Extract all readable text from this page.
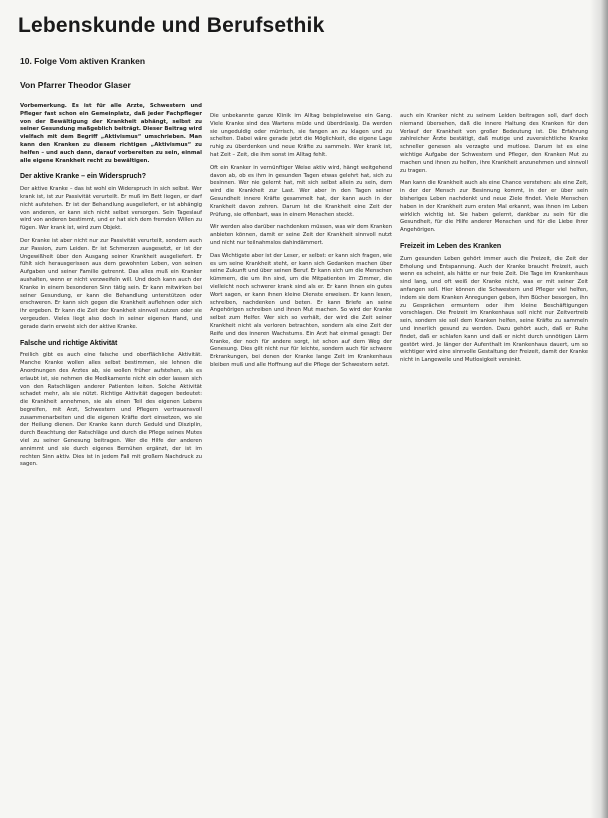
Lebenskunde und Berufsethik
10. Folge Vom aktiven Kranken
Von Pfarrer Theodor Glaser

Vorbemerkung. Es ist für alle Ärzte, Schwestern und Pfleger fast schon ein Gemeinplatz, daß jeder Fachpfleger von der Bewältigung der Krankheit abhängt, selbst zu seiner Gesundung maßgeblich beiträgt. Dieser Beitrag wird vielfach mit dem Begriff „Aktivismus“ umschrieben. Man kann den Kranken zu diesem richtigen „Aktivismus“ zu helfen – und auch dann, darauf vorbereiten zu sein, einmal alle eigene Krankheit recht zu bewältigen.

Der aktive Kranke – ein Widerspruch?

Der aktive Kranke – das ist wohl ein Widerspruch in sich selbst. Wer krank ist, ist zur Passivität verurteilt. Er muß im Bett liegen, er darf nicht aufstehen. Er ist der Behandlung ausgeliefert, er ist abhängig von anderen, er kann sich nicht selbst versorgen. Sein Tageslauf wird von anderen bestimmt, und er hat sich dem fremden Willen zu fügen. Wer krank ist, wird zum Objekt.

Der Kranke ist aber nicht nur zur Passivität verurteilt, sondern auch zur Passion, zum Leiden. Er ist Schmerzen ausgesetzt, er ist der Ungewißheit über den Ausgang seiner Krankheit ausgeliefert. Er fühlt sich herausgerissen aus dem gewohnten Leben, von seinen Aufgaben und seiner Familie getrennt. Das alles muß ein Kranker aushalten, wenn er nicht verzweifeln will. Und doch kann auch der Kranke in einem besonderen Sinn tätig sein. Er kann mitwirken bei seiner Gesundung, er kann die Behandlung unterstützen oder erschweren. Er kann sich gegen die Krankheit auflehnen oder sich ihr ergeben. Er kann die Zeit der Krankheit sinnvoll nutzen oder sie vergeuden. Vieles liegt also doch in seiner eigenen Hand, und gerade darin erweist sich der aktive Kranke.

Falsche und richtige Aktivität

Freilich gibt es auch eine falsche und oberflächliche Aktivität. Manche Kranke wollen alles selbst bestimmen, sie lehnen die Anordnungen des Arztes ab, sie wollen früher aufstehen, als es erlaubt ist, sie nehmen die Medikamente nicht ein oder lassen sich von den Ratschlägen anderer Patienten leiten. Solche Aktivität schadet mehr, als sie nützt. Richtige Aktivität dagegen bedeutet: die Krankheit annehmen, sie als einen Teil des eigenen Lebens begreifen, mit Arzt, Schwestern und Pflegern vertrauensvoll zusammenarbeiten und die eigenen Kräfte dort einsetzen, wo sie der Heilung dienen. Der Kranke kann durch Geduld und Disziplin, durch Beachtung der Ratschläge und durch die Pflege seines Mutes viel zu seiner Genesung beitragen. Wer die Hilfe der anderen annimmt und sie durch eigenes Bemühen ergänzt, der ist im rechten Sinn aktiv. Dies ist in jedem Fall mit großem Nachdruck zu sagen.

Die unbekannte ganze Klinik im Alltag beispielsweise ein Gang. Viele Kranke sind des Wartens müde und überdrüssig. Da werden sie ungeduldig oder mürrisch, sie fangen an zu klagen und zu schelten. Dabei wäre gerade jetzt die Möglichkeit, die eigene Lage ruhig zu überdenken und neue Kräfte zu sammeln. Wer krank ist, hat Zeit – Zeit, die ihm sonst im Alltag fehlt.

Oft ein Kranker in vernünftiger Weise aktiv wird, hängt weitgehend davon ab, ob es ihm in gesunden Tagen etwas gelehrt hat, sich zu besinnen. Wer nie gelernt hat, mit sich selbst allein zu sein, dem wird die Krankheit zur Last. Wer aber in den Tagen seiner Gesundheit innere Kräfte gesammelt hat, der kann auch in der Krankheit davon zehren. Darum ist die Krankheit eine Zeit der Prüfung, sie offenbart, was in einem Menschen steckt.

Wir werden also darüber nachdenken müssen, was wir dem Kranken anbieten können, damit er seine Zeit der Krankheit sinnvoll nutzt und nicht nur teilnahmslos dahindämmert.

Das Wichtigste aber ist der Leser, er selbst: er kann sich fragen, wie es um seine Krankheit steht, er kann sich Gedanken machen über seine Zukunft und über seinen Beruf. Er kann sich um die Menschen kümmern, die um ihn sind, um die Mitpatienten im Zimmer, die vielleicht noch schwerer krank sind als er. Er kann ihnen ein gutes Wort sagen, er kann ihnen kleine Dienste erweisen. Er kann lesen, schreiben, nachdenken und beten. Er kann Briefe an seine Angehörigen schreiben und ihnen Mut machen. So wird der Kranke selbst zum Helfer. Wer sich so verhält, der wird die Zeit seiner Krankheit nicht als verloren betrachten, sondern als eine Zeit der Reife und des inneren Wachstums. Ein Arzt hat einmal gesagt: Der Kranke, der noch für andere sorgt, ist schon auf dem Weg der Genesung. Dies gilt nicht nur für leichte, sondern auch für schwere Erkrankungen, bei denen der Kranke lange Zeit im Krankenhaus bleiben muß und alle Hoffnung auf die Pflege der Schwestern setzt.

auch ein Kranker nicht zu seinem Leiden beitragen soll, darf doch niemand übersehen, daß die innere Haltung des Kranken für den Verlauf der Krankheit von großer Bedeutung ist. Die Erfahrung zahlreicher Ärzte bestätigt, daß mutige und zuversichtliche Kranke schneller genesen als verzagte und mutlose. Darum ist es eine wichtige Aufgabe der Schwestern und Pfleger, den Kranken Mut zu machen und ihnen zu helfen, ihre Krankheit anzunehmen und sinnvoll zu tragen.

Man kann die Krankheit auch als eine Chance verstehen: als eine Zeit, in der der Mensch zur Besinnung kommt, in der er über sein bisheriges Leben nachdenkt und neue Ziele findet. Viele Menschen haben in der Krankheit zum ersten Mal erkannt, was ihnen im Leben wirklich wichtig ist. Sie haben gelernt, dankbar zu sein für die Gesundheit, für die Hilfe anderer Menschen und für die Liebe ihrer Angehörigen.

Freizeit im Leben des Kranken

Zum gesunden Leben gehört immer auch die Freizeit, die Zeit der Erholung und Entspannung. Auch der Kranke braucht Freizeit, auch wenn es scheint, als hätte er nur freie Zeit. Die Tage im Krankenhaus sind lang, und oft weiß der Kranke nicht, was er mit seiner Zeit anfangen soll. Hier können die Schwestern und Pfleger viel helfen, indem sie dem Kranken Anregungen geben, ihm Bücher besorgen, ihn zu Gesprächen ermuntern oder ihm kleine Beschäftigungen vorschlagen. Die Freizeit im Krankenhaus soll nicht nur Zeitvertreib sein, sondern sie soll dem Kranken helfen, seine Kräfte zu sammeln und innerlich gesund zu werden. Dazu gehört auch, daß er Ruhe findet, daß er schlafen kann und daß er nicht durch unnötigen Lärm gestört wird. Je länger der Aufenthalt im Krankenhaus dauert, um so wichtiger wird eine sinnvolle Gestaltung der Freizeit, damit der Kranke nicht in Langeweile und Mutlosigkeit versinkt.
